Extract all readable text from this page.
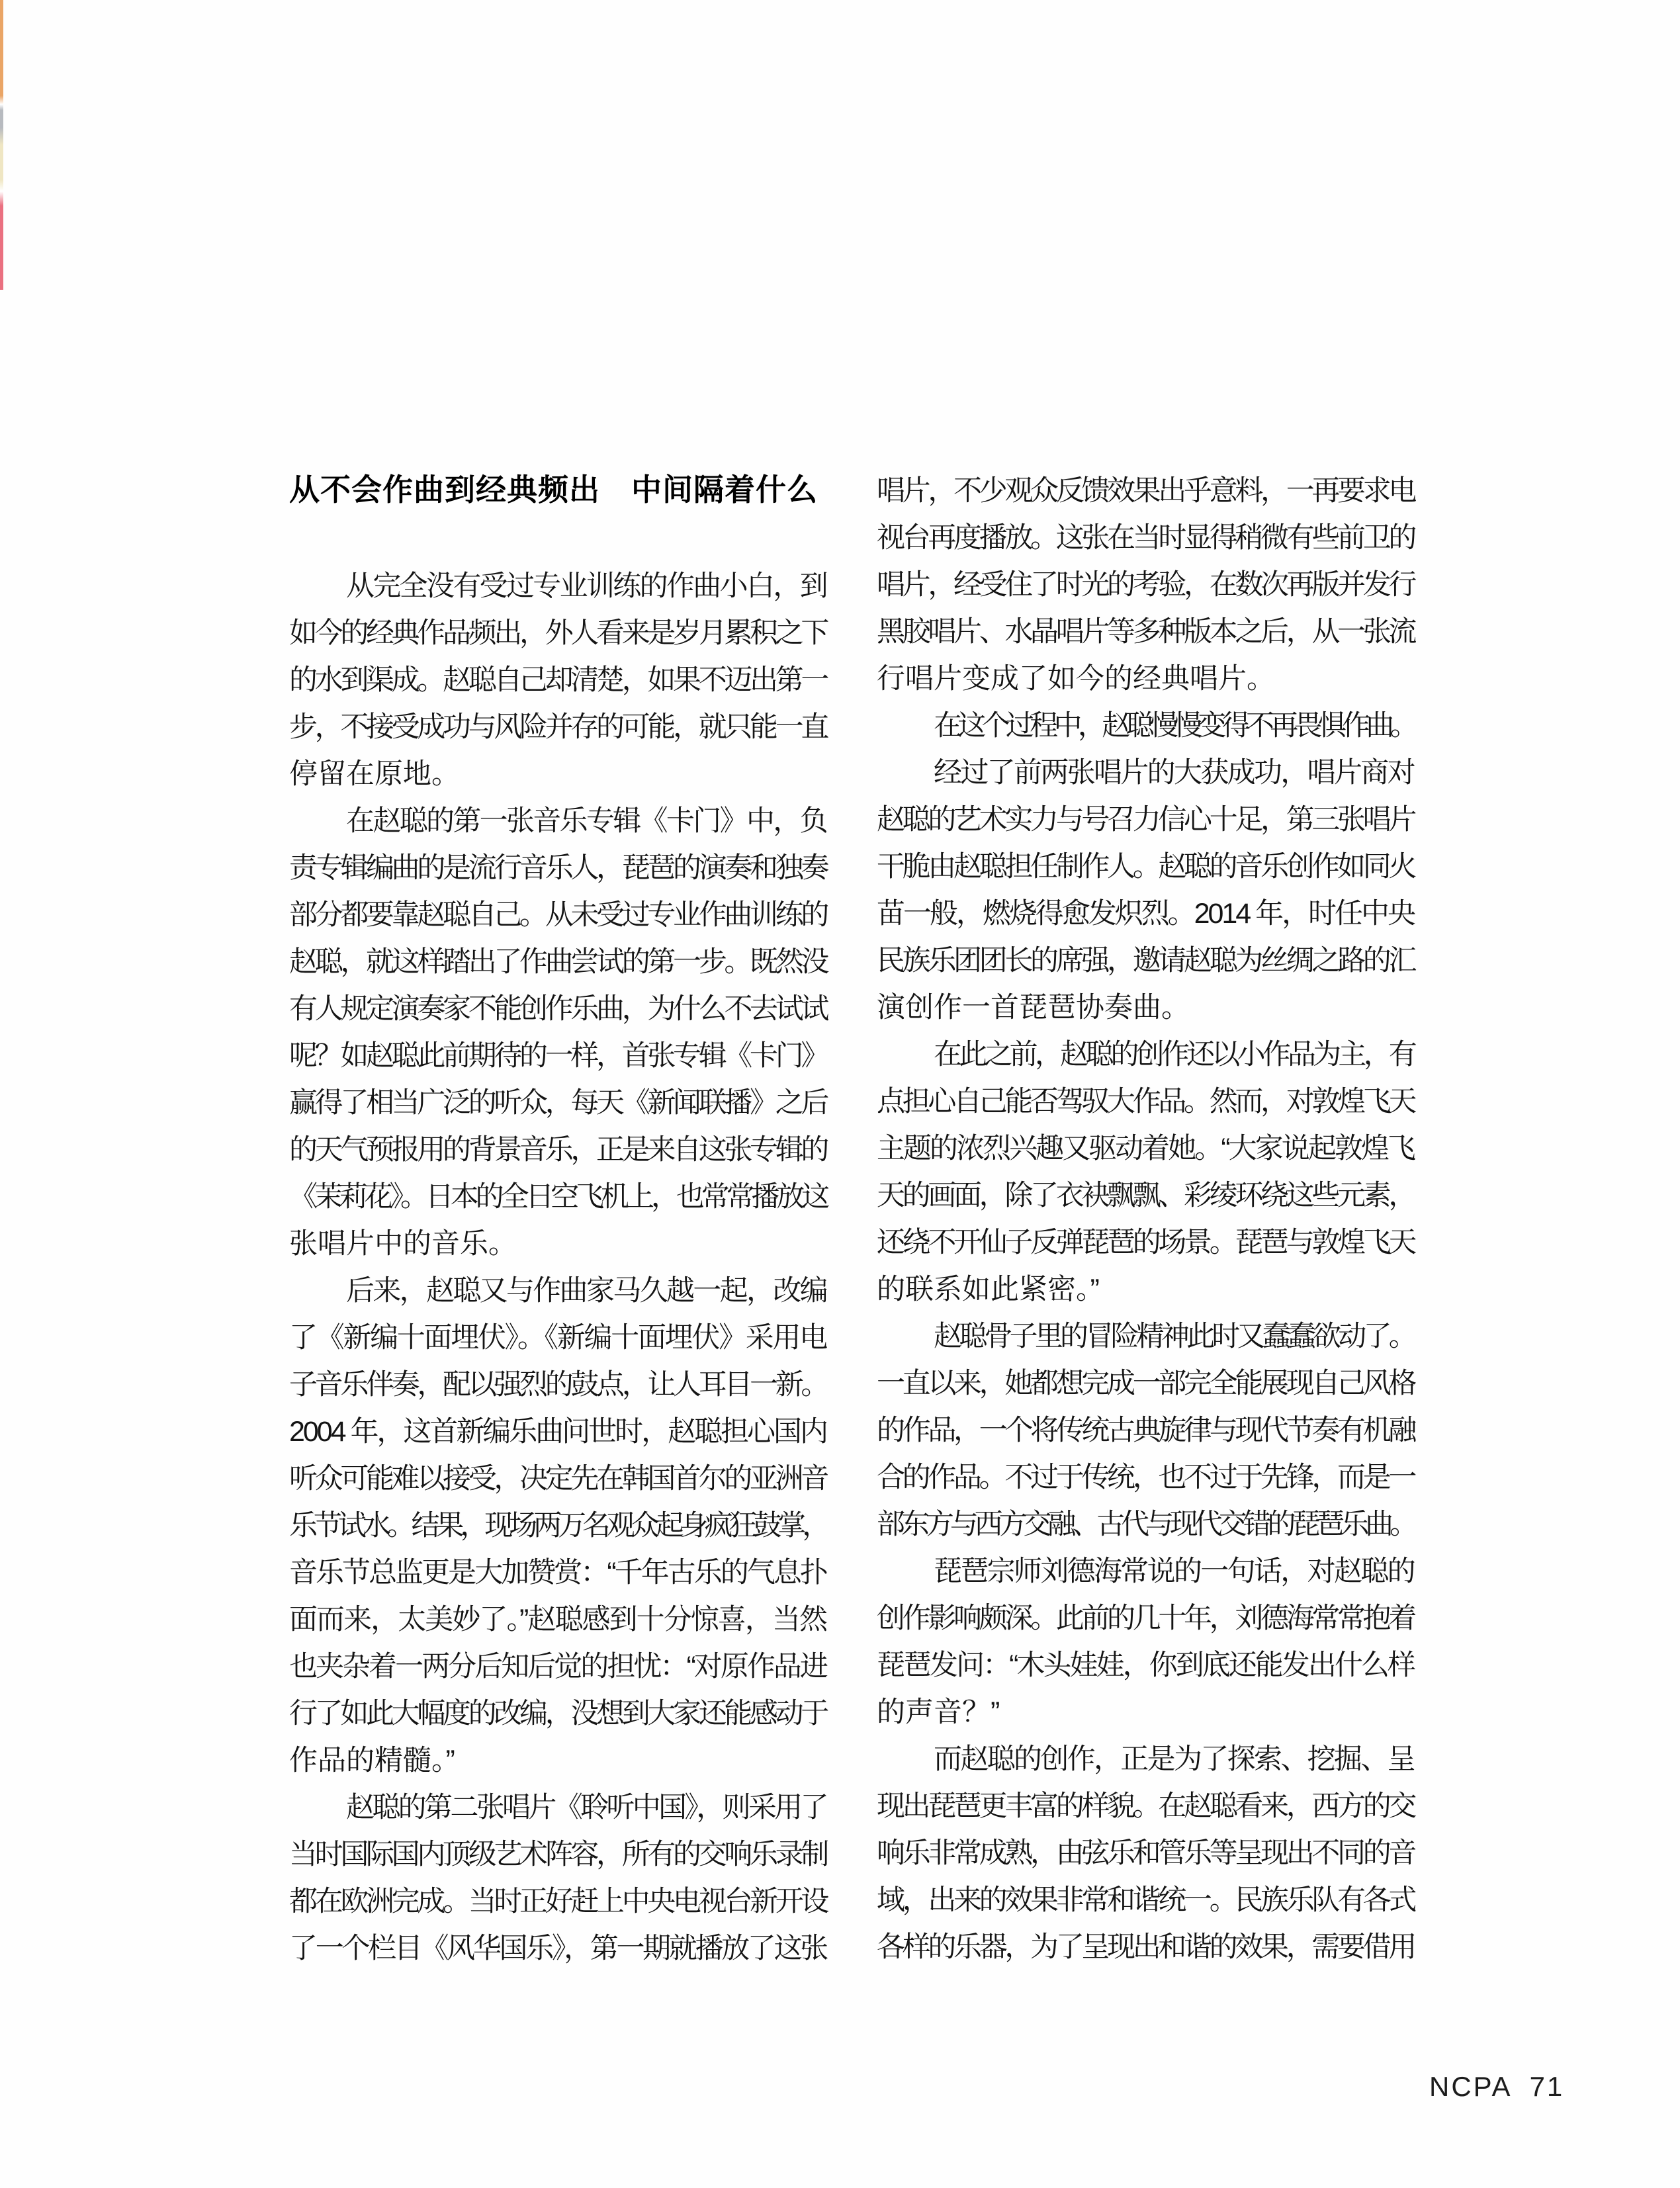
从不会作曲到经典频出　中间隔着什么
从完全没有受过专业训练的作曲小白，到
如今的经典作品频出，外人看来是岁月累积之下
的水到渠成。赵聪自己却清楚，如果不迈出第一
步，不接受成功与风险并存的可能，就只能一直
停留在原地。
在赵聪的第一张音乐专辑《卡门》中，负
责专辑编曲的是流行音乐人，琵琶的演奏和独奏
部分都要靠赵聪自己。从未受过专业作曲训练的
赵聪，就这样踏出了作曲尝试的第一步。既然没
有人规定演奏家不能创作乐曲，为什么不去试试
呢？如赵聪此前期待的一样，首张专辑《卡门》
赢得了相当广泛的听众，每天《新闻联播》之后
的天气预报用的背景音乐，正是来自这张专辑的
《茉莉花》。日本的全日空飞机上，也常常播放这
张唱片中的音乐。
后来，赵聪又与作曲家马久越一起，改编
了《新编十面埋伏》。《新编十面埋伏》采用电
子音乐伴奏，配以强烈的鼓点，让人耳目一新。
2004 年，这首新编乐曲问世时，赵聪担心国内
听众可能难以接受，决定先在韩国首尔的亚洲音
乐节试水。结果，现场两万名观众起身疯狂鼓掌，
音乐节总监更是大加赞赏：“千年古乐的气息扑
面而来，太美妙了。”赵聪感到十分惊喜，当然
也夹杂着一两分后知后觉的担忧：“对原作品进
行了如此大幅度的改编，没想到大家还能感动于
作品的精髓。”
赵聪的第二张唱片《聆听中国》，则采用了
当时国际国内顶级艺术阵容，所有的交响乐录制
都在欧洲完成。当时正好赶上中央电视台新开设
了一个栏目《风华国乐》，第一期就播放了这张
唱片，不少观众反馈效果出乎意料，一再要求电
视台再度播放。这张在当时显得稍微有些前卫的
唱片，经受住了时光的考验，在数次再版并发行
黑胶唱片、水晶唱片等多种版本之后，从一张流
行唱片变成了如今的经典唱片。
在这个过程中，赵聪慢慢变得不再畏惧作曲。
经过了前两张唱片的大获成功，唱片商对
赵聪的艺术实力与号召力信心十足，第三张唱片
干脆由赵聪担任制作人。赵聪的音乐创作如同火
苗一般，燃烧得愈发炽烈。2014 年，时任中央
民族乐团团长的席强，邀请赵聪为丝绸之路的汇
演创作一首琵琶协奏曲。
在此之前，赵聪的创作还以小作品为主，有
点担心自己能否驾驭大作品。然而，对敦煌飞天
主题的浓烈兴趣又驱动着她。“大家说起敦煌飞
天的画面，除了衣袂飘飘、彩绫环绕这些元素，
还绕不开仙子反弹琵琶的场景。琵琶与敦煌飞天
的联系如此紧密。”
赵聪骨子里的冒险精神此时又蠢蠢欲动了。
一直以来，她都想完成一部完全能展现自己风格
的作品，一个将传统古典旋律与现代节奏有机融
合的作品。不过于传统，也不过于先锋，而是一
部东方与西方交融、古代与现代交错的琵琶乐曲。
琵琶宗师刘德海常说的一句话，对赵聪的
创作影响颇深。此前的几十年，刘德海常常抱着
琵琶发问：“木头娃娃，你到底还能发出什么样
的声音？”
而赵聪的创作，正是为了探索、挖掘、呈
现出琵琶更丰富的样貌。在赵聪看来，西方的交
响乐非常成熟，由弦乐和管乐等呈现出不同的音
域，出来的效果非常和谐统一。民族乐队有各式
各样的乐器，为了呈现出和谐的效果，需要借用
NCPA 71
